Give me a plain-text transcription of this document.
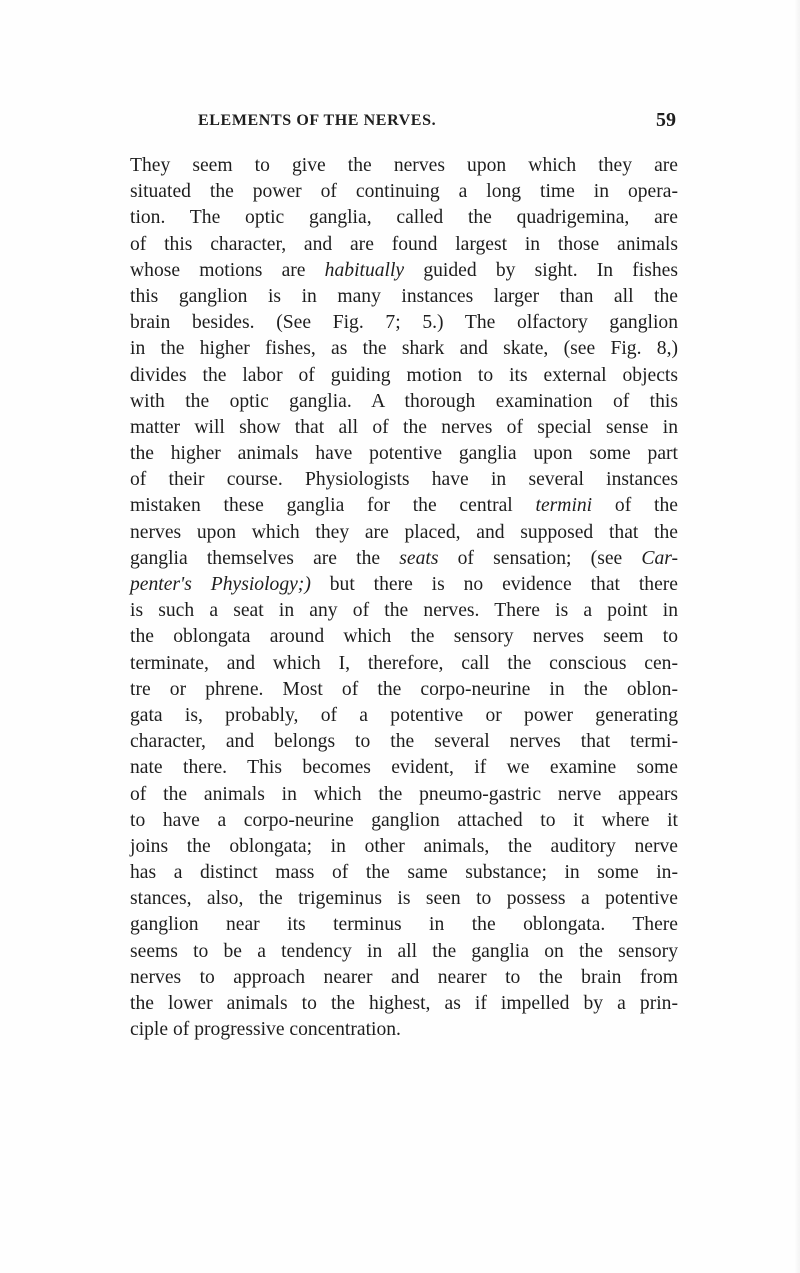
ELEMENTS OF THE NERVES.	59
They seem to give the nerves upon which they are
situated the power of continuing a long time in opera-
tion. The optic ganglia, called the quadrigemina, are
of this character, and are found largest in those animals
whose motions are habitually guided by sight. In fishes
this ganglion is in many instances larger than all the
brain besides. (See Fig. 7; 5.) The olfactory ganglion
in the higher fishes, as the shark and skate, (see Fig. 8,)
divides the labor of guiding motion to its external objects
with the optic ganglia. A thorough examination of this
matter will show that all of the nerves of special sense in
the higher animals have potentive ganglia upon some part
of their course. Physiologists have in several instances
mistaken these ganglia for the central termini of the
nerves upon which they are placed, and supposed that the
ganglia themselves are the seats of sensation; (see Car-
penter's Physiology;) but there is no evidence that there
is such a seat in any of the nerves. There is a point in
the oblongata around which the sensory nerves seem to
terminate, and which I, therefore, call the conscious cen-
tre or phrene. Most of the corpo-neurine in the oblon-
gata is, probably, of a potentive or power generating
character, and belongs to the several nerves that termi-
nate there. This becomes evident, if we examine some
of the animals in which the pneumo-gastric nerve appears
to have a corpo-neurine ganglion attached to it where it
joins the oblongata; in other animals, the auditory nerve
has a distinct mass of the same substance; in some in-
stances, also, the trigeminus is seen to possess a potentive
ganglion near its terminus in the oblongata. There
seems to be a tendency in all the ganglia on the sensory
nerves to approach nearer and nearer to the brain from
the lower animals to the highest, as if impelled by a prin-
ciple of progressive concentration.
